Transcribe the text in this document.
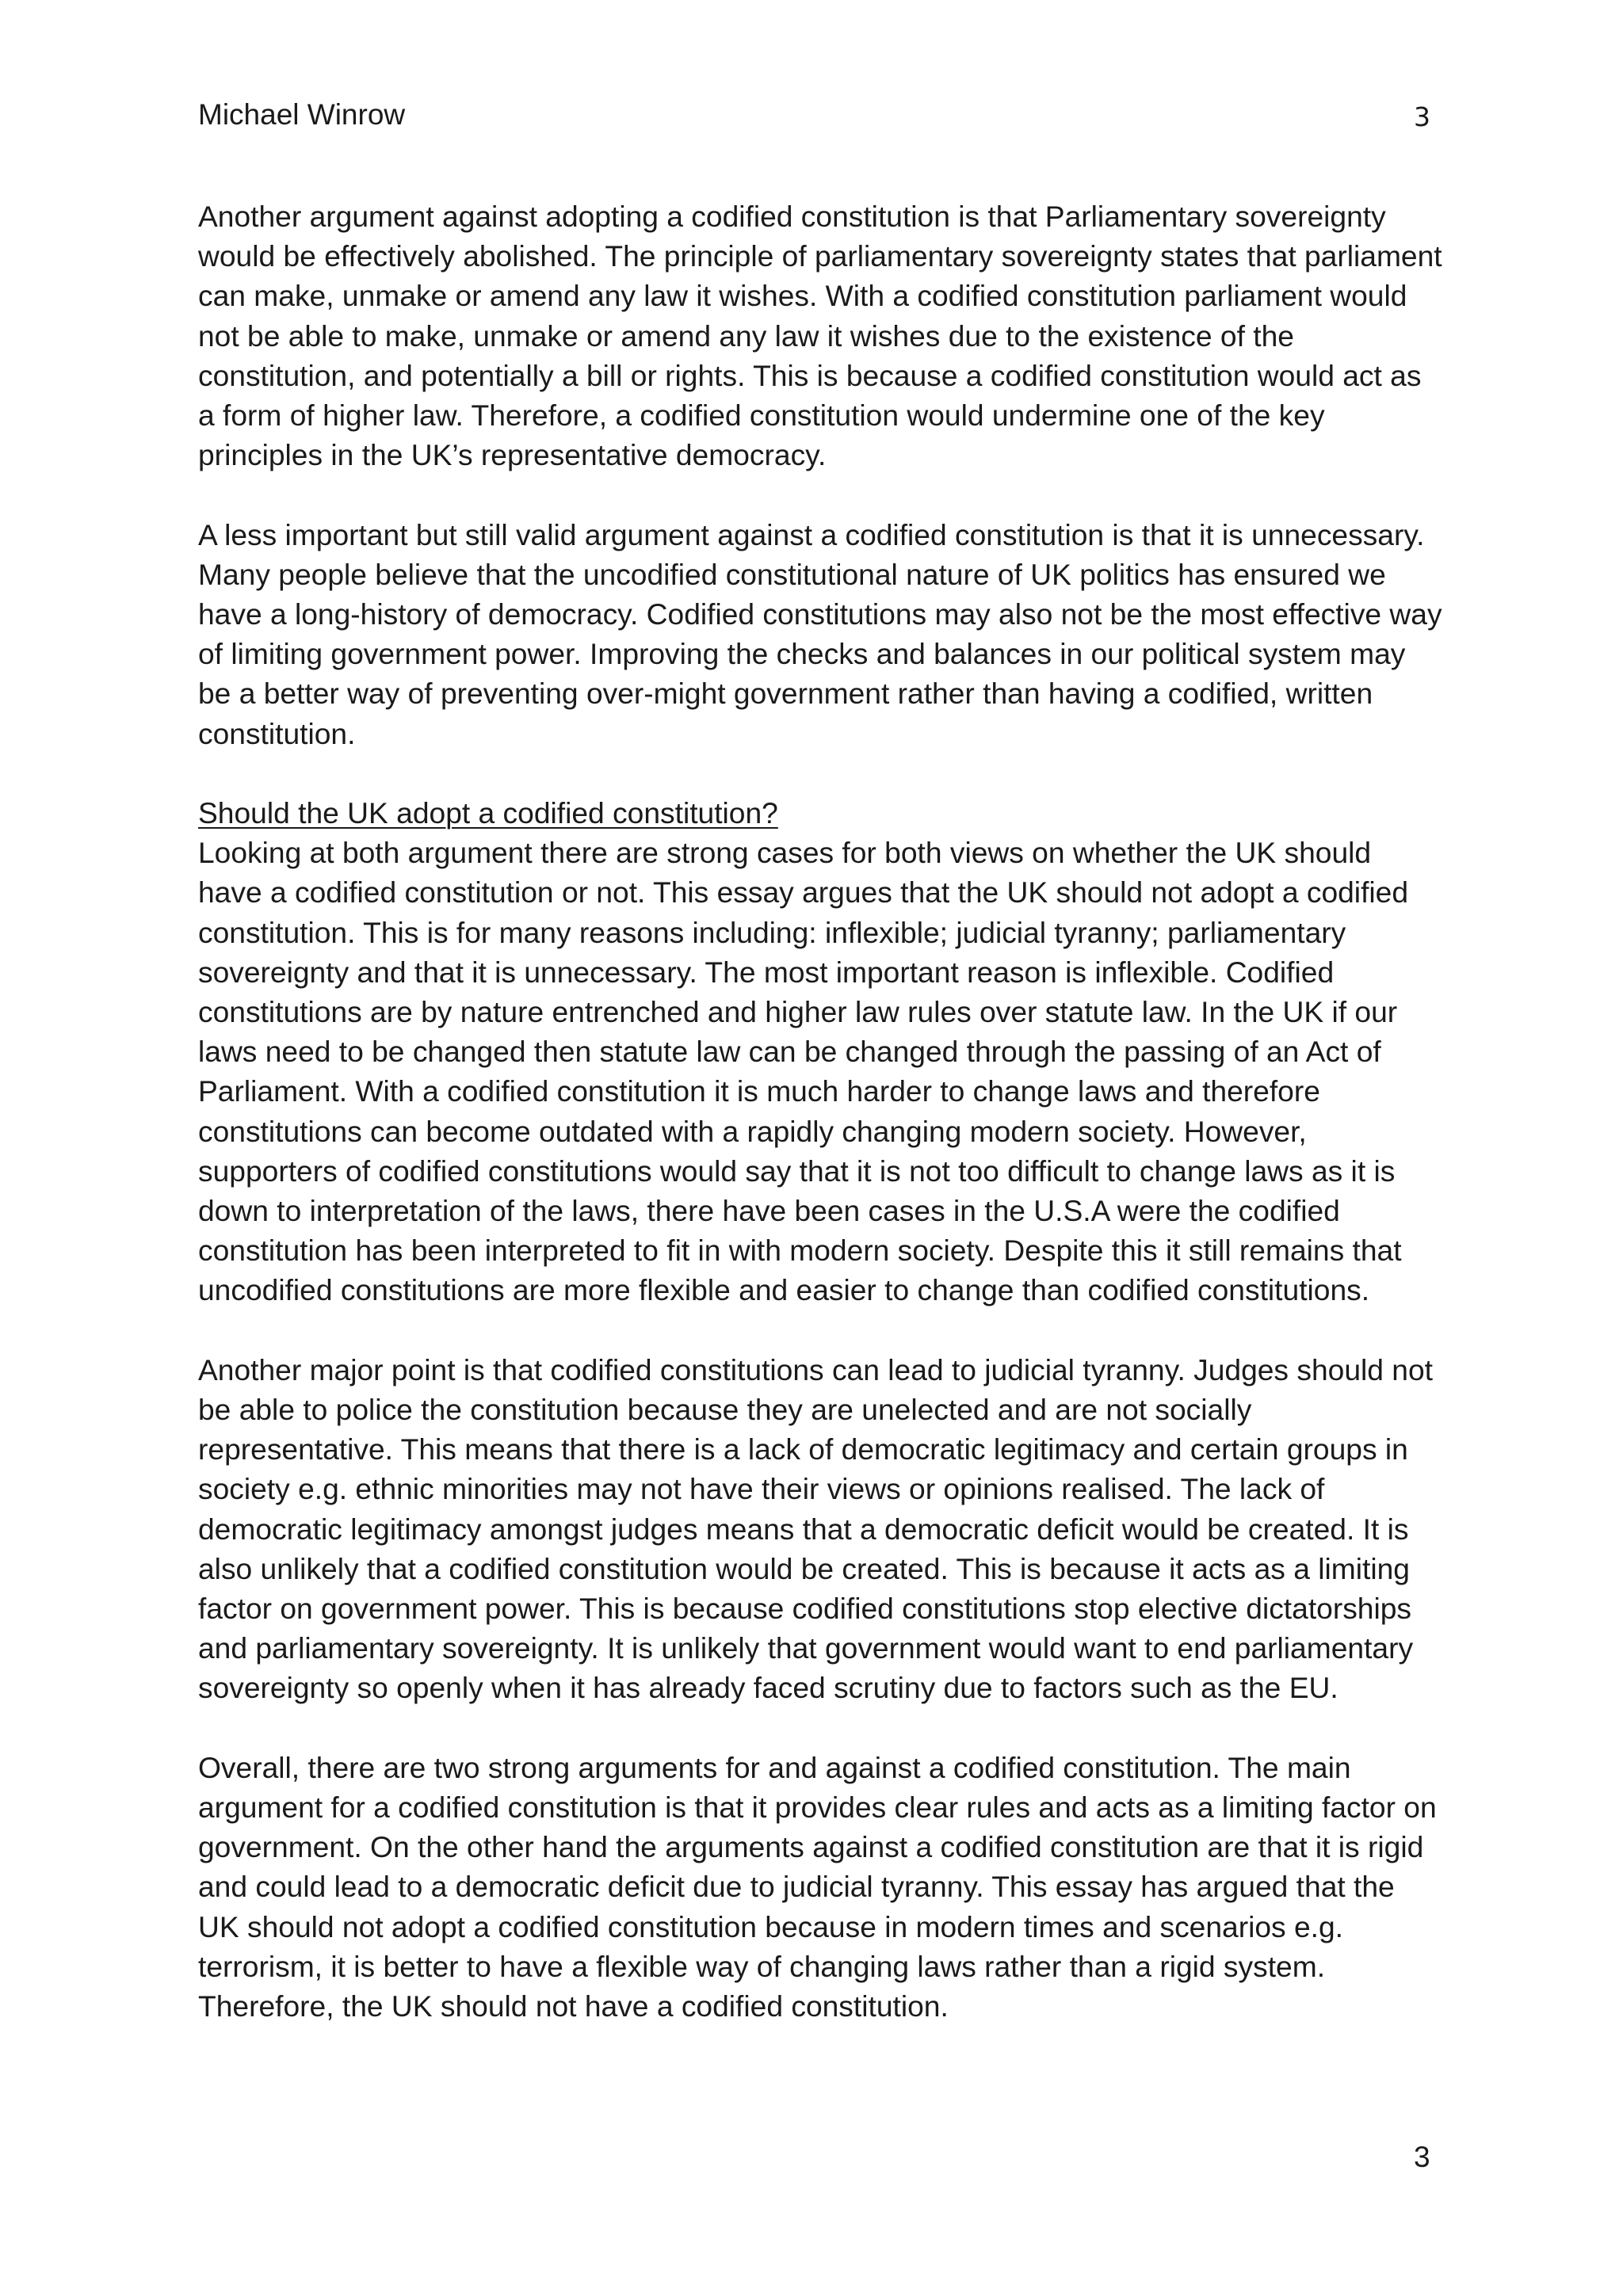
Michael Winrow	3

Another argument against adopting a codified constitution is that Parliamentary sovereignty would be effectively abolished. The principle of parliamentary sovereignty states that parliament can make, unmake or amend any law it wishes. With a codified constitution parliament would not be able to make, unmake or amend any law it wishes due to the existence of the constitution, and potentially a bill or rights. This is because a codified constitution would act as a form of higher law. Therefore, a codified constitution would undermine one of the key principles in the UK’s representative democracy.

A less important but still valid argument against a codified constitution is that it is unnecessary. Many people believe that the uncodified constitutional nature of UK politics has ensured we have a long-history of democracy. Codified constitutions may also not be the most effective way of limiting government power. Improving the checks and balances in our political system may be a better way of preventing over-might government rather than having a codified, written constitution.

Should the UK adopt a codified constitution?

Looking at both argument there are strong cases for both views on whether the UK should have a codified constitution or not. This essay argues that the UK should not adopt a codified constitution. This is for many reasons including: inflexible; judicial tyranny; parliamentary sovereignty and that it is unnecessary. The most important reason is inflexible. Codified constitutions are by nature entrenched and higher law rules over statute law. In the UK if our laws need to be changed then statute law can be changed through the passing of an Act of Parliament. With a codified constitution it is much harder to change laws and therefore constitutions can become outdated with a rapidly changing modern society. However, supporters of codified constitutions would say that it is not too difficult to change laws as it is down to interpretation of the laws, there have been cases in the U.S.A were the codified constitution has been interpreted to fit in with modern society. Despite this it still remains that uncodified constitutions are more flexible and easier to change than codified constitutions.

Another major point is that codified constitutions can lead to judicial tyranny. Judges should not be able to police the constitution because they are unelected and are not socially representative. This means that there is a lack of democratic legitimacy and certain groups in society e.g. ethnic minorities may not have their views or opinions realised. The lack of democratic legitimacy amongst judges means that a democratic deficit would be created. It is also unlikely that a codified constitution would be created. This is because it acts as a limiting factor on government power. This is because codified constitutions stop elective dictatorships and parliamentary sovereignty. It is unlikely that government would want to end parliamentary sovereignty so openly when it has already faced scrutiny due to factors such as the EU.

Overall, there are two strong arguments for and against a codified constitution. The main argument for a codified constitution is that it provides clear rules and acts as a limiting factor on government. On the other hand the arguments against a codified constitution are that it is rigid and could lead to a democratic deficit due to judicial tyranny. This essay has argued that the UK should not adopt a codified constitution because in modern times and scenarios e.g. terrorism, it is better to have a flexible way of changing laws rather than a rigid system. Therefore, the UK should not have a codified constitution.

3
